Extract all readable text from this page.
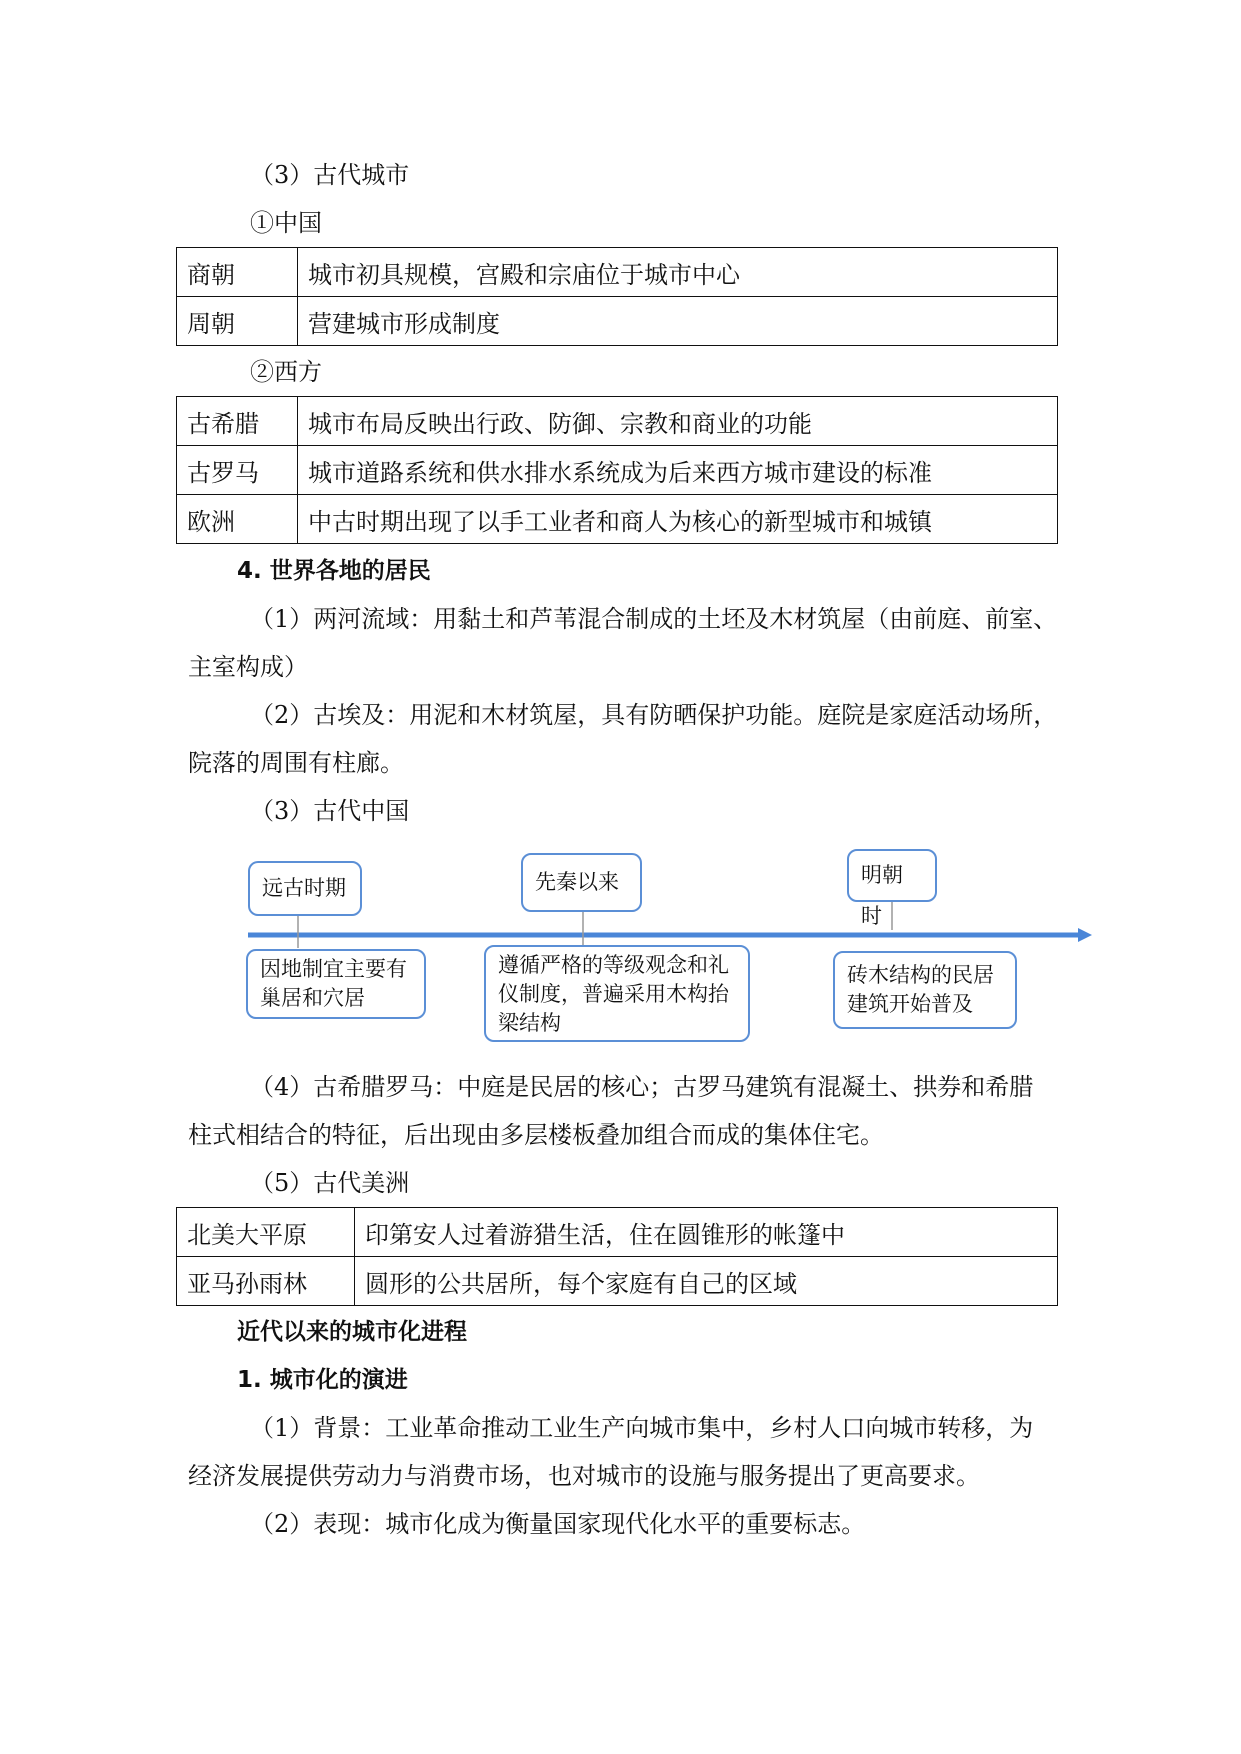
（3）古代城市
①中国
商朝	城市初具规模，宫殿和宗庙位于城市中心
周朝	营建城市形成制度
②西方
古希腊	城市布局反映出行政、防御、宗教和商业的功能
古罗马	城市道路系统和供水排水系统成为后来西方城市建设的标准
欧洲	中古时期出现了以手工业者和商人为核心的新型城市和城镇
4. 世界各地的居民
（1）两河流域：用黏土和芦苇混合制成的土坯及木材筑屋（由前庭、前室、
主室构成）
（2）古埃及：用泥和木材筑屋，具有防晒保护功能。庭院是家庭活动场所，
院落的周围有柱廊。
（3）古代中国
远古时期	先秦以来	明朝时
因地制宜主要有巢居和穴居
遵循严格的等级观念和礼仪制度，普遍采用木构抬梁结构
砖木结构的民居建筑开始普及
（4）古希腊罗马：中庭是民居的核心；古罗马建筑有混凝土、拱券和希腊
柱式相结合的特征，后出现由多层楼板叠加组合而成的集体住宅。
（5）古代美洲
北美大平原	印第安人过着游猎生活，住在圆锥形的帐篷中
亚马孙雨林	圆形的公共居所，每个家庭有自己的区域
近代以来的城市化进程
1. 城市化的演进
（1）背景：工业革命推动工业生产向城市集中，乡村人口向城市转移，为
经济发展提供劳动力与消费市场，也对城市的设施与服务提出了更高要求。
（2）表现：城市化成为衡量国家现代化水平的重要标志。
